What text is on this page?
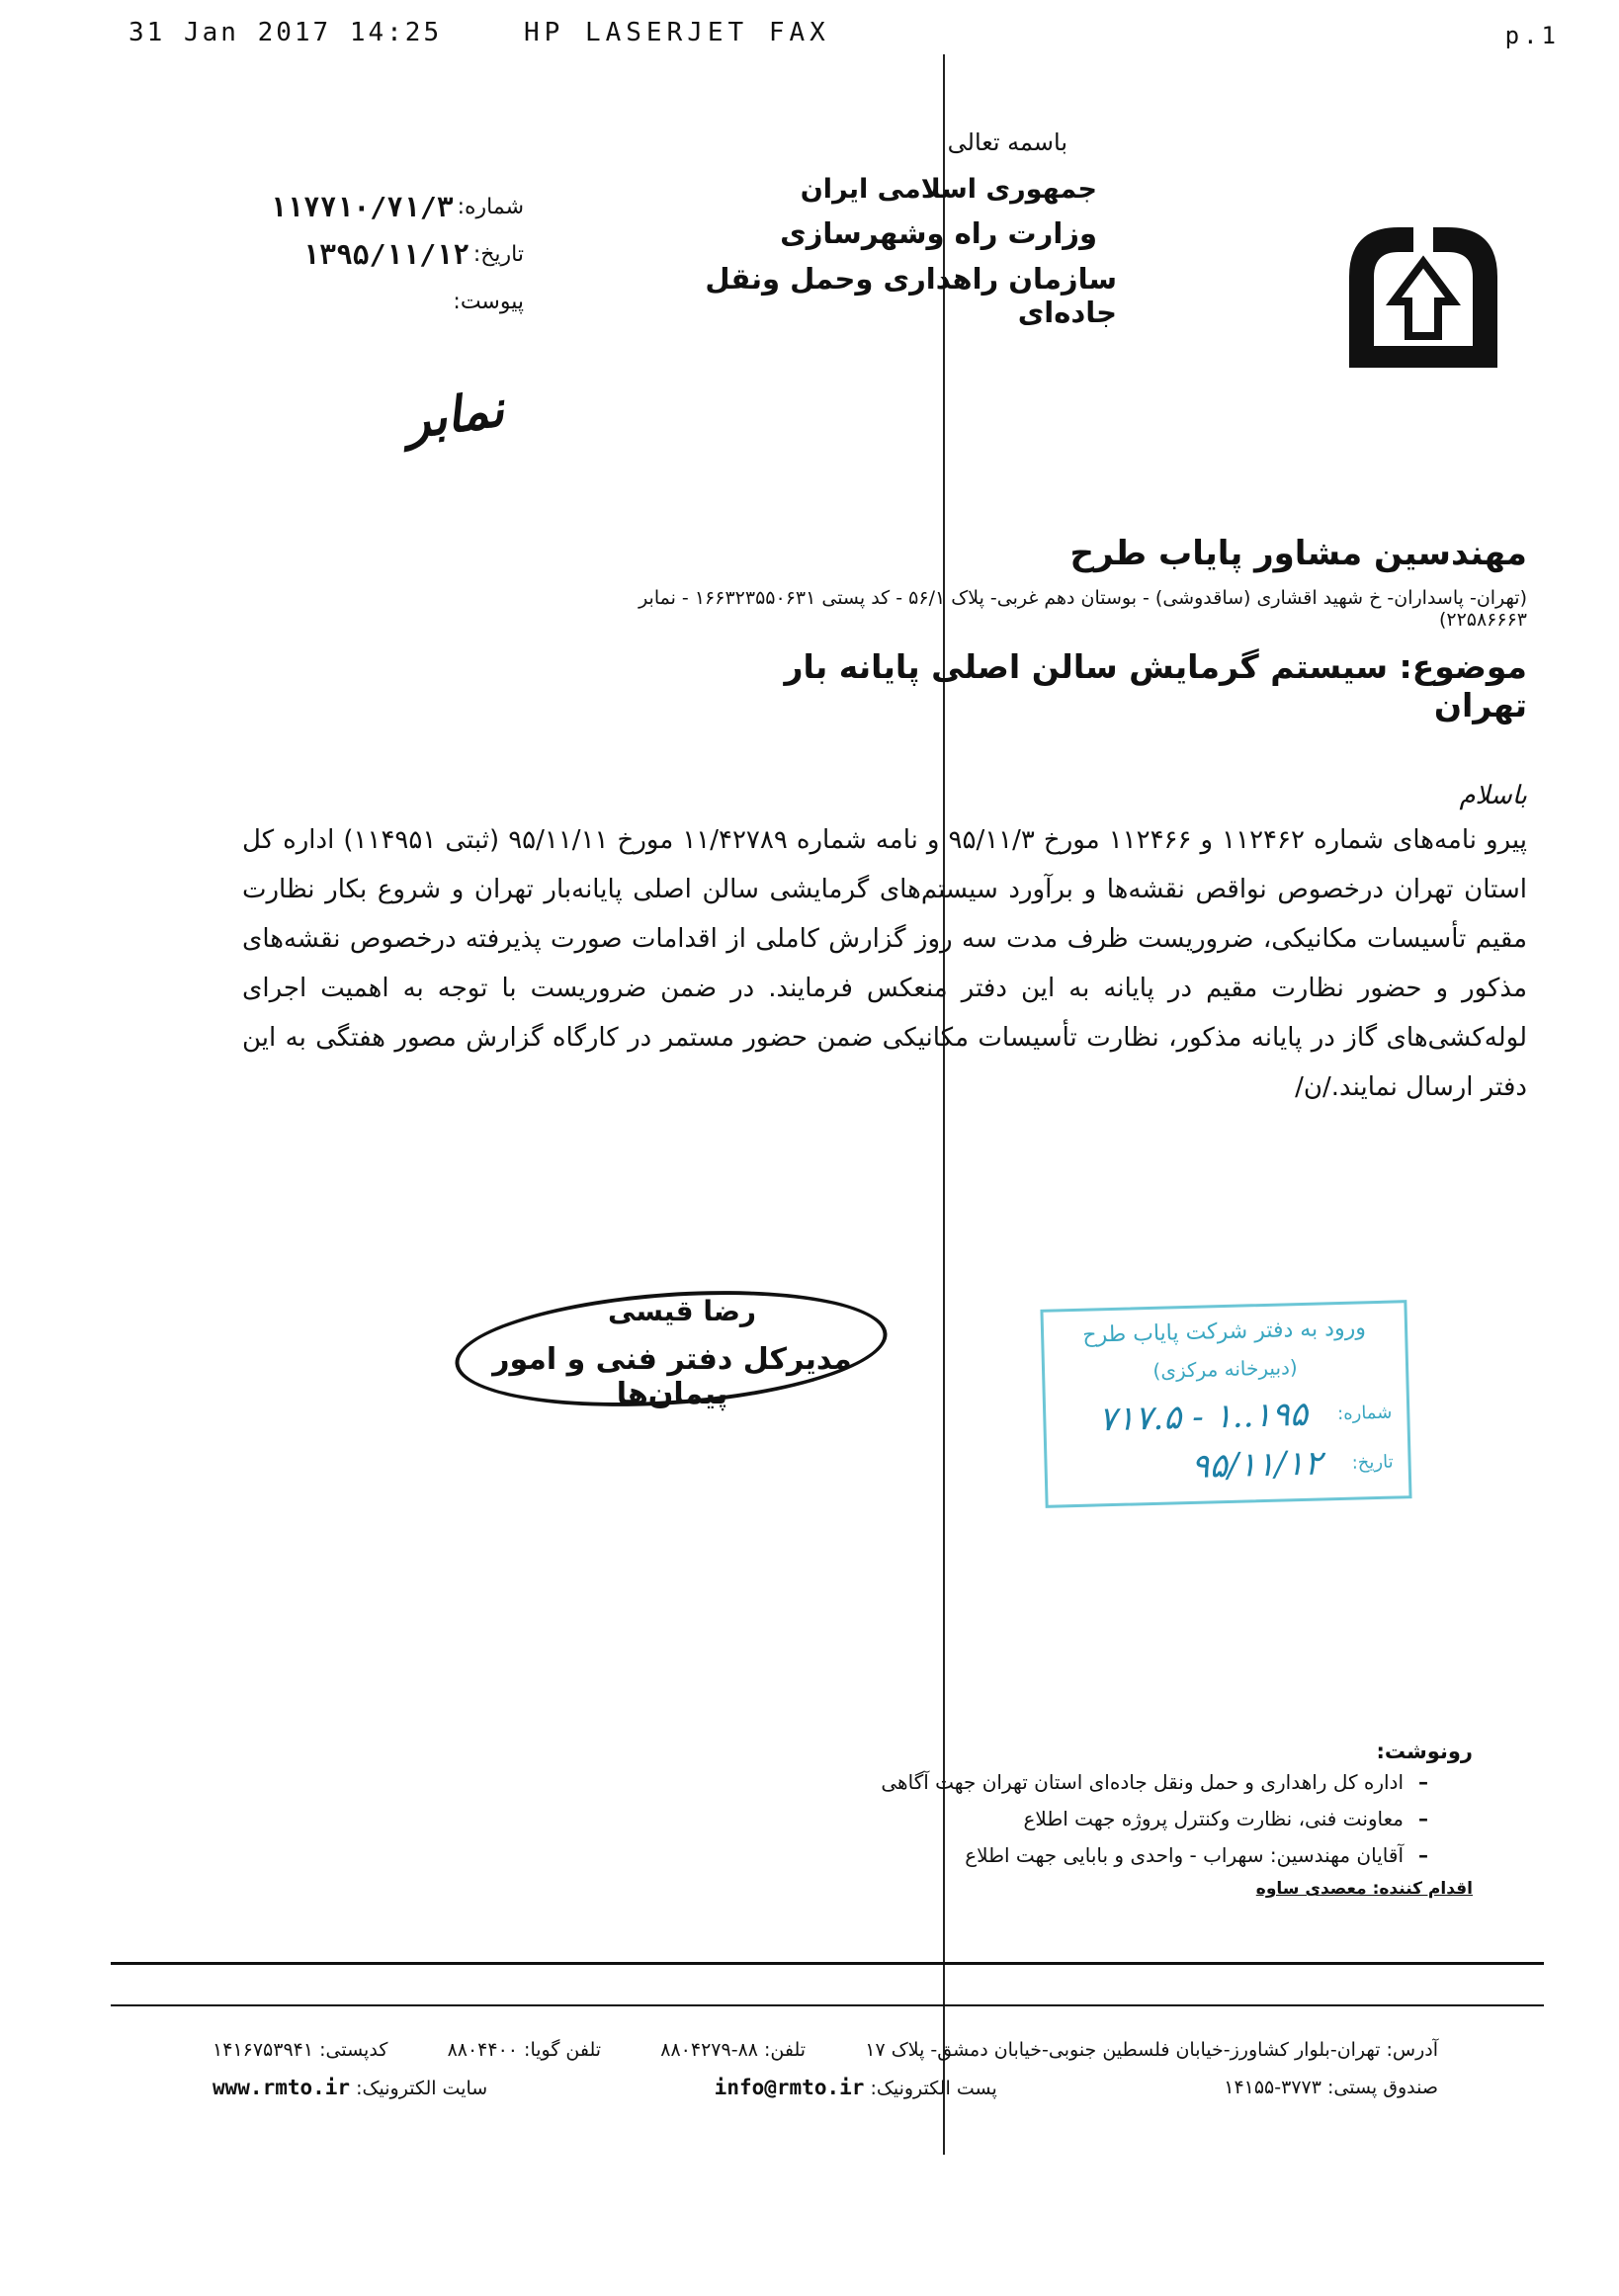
31 Jan 2017 14:25	HP LASERJET FAX	p.1
باسمه تعالی
جمهوری اسلامی ایران
وزارت راه وشهرسازی
سازمان راهداری وحمل ونقل جاده‌ای
شماره:
۱۱۷۷۱۰/۷۱/۳
تاریخ:
۱۳۹۵/۱۱/۱۲
پیوست:
نمابر
مهندسین مشاور پایاب طرح
(تهران- پاسداران- خ شهید اقشاری (ساقدوشی) - بوستان دهم غربی- پلاک ۵۶/۱ - کد پستی ۱۶۶۳۲۳۵۵۰۶۳۱ - نمابر ۲۲۵۸۶۶۶۳)
موضوع: سیستم گرمایش سالن اصلی پایانه بار تهران
باسلام
پیرو نامه‌های شماره ۱۱۲۴۶۲ و ۱۱۲۴۶۶ مورخ ۹۵/۱۱/۳ و نامه شماره ۱۱/۴۲۷۸۹ مورخ ۹۵/۱۱/۱۱ (ثبتی ۱۱۴۹۵۱) اداره کل استان تهران درخصوص نواقص نقشه‌ها و برآورد سیستم‌های گرمایشی سالن اصلی پایانه‌بار تهران و شروع بکار نظارت مقیم تأسیسات مکانیکی، ضروریست ظرف مدت سه روز گزارش کاملی از اقدامات صورت پذیرفته درخصوص نقشه‌های مذکور و حضور نظارت مقیم در پایانه به این دفتر منعکس فرمایند. در ضمن ضروریست با توجه به اهمیت اجرای لوله‌کشی‌های گاز در پایانه مذکور، نظارت تأسیسات مکانیکی ضمن حضور مستمر در کارگاه گزارش مصور هفتگی به این دفتر ارسال نمایند./ن/
رضا قیسی
مدیرکل دفتر فنی و امور پیمان‌ها
ورود به دفتر شرکت پایاب طرح
(دبیرخانه مرکزی)
شماره:
۷۱۷.۵ - ۱..۱۹۵
تاریخ:
۹۵/۱۱/۱۲
رونوشت:
–
اداره کل راهداری و حمل ونقل جاده‌ای استان تهران جهت آگاهی
–
معاونت فنی، نظارت وکنترل پروژه جهت اطلاع
–
آقایان مهندسین: سهراب - واحدی و بابایی جهت اطلاع
اقدام کننده: معصدی ساوه
آدرس: تهران-بلوار کشاورز-خیابان فلسطین جنوبی-خیابان دمشق- پلاک ۱۷
تلفن: ۸۸-۸۸۰۴۲۷۹
تلفن گویا: ۸۸۰۴۴۰۰
کدپستی: ۱۴۱۶۷۵۳۹۴۱
صندوق پستی: ۳۷۷۳-۱۴۱۵۵
پست الکترونیک: info@rmto.ir
سایت الکترونیک: www.rmto.ir
